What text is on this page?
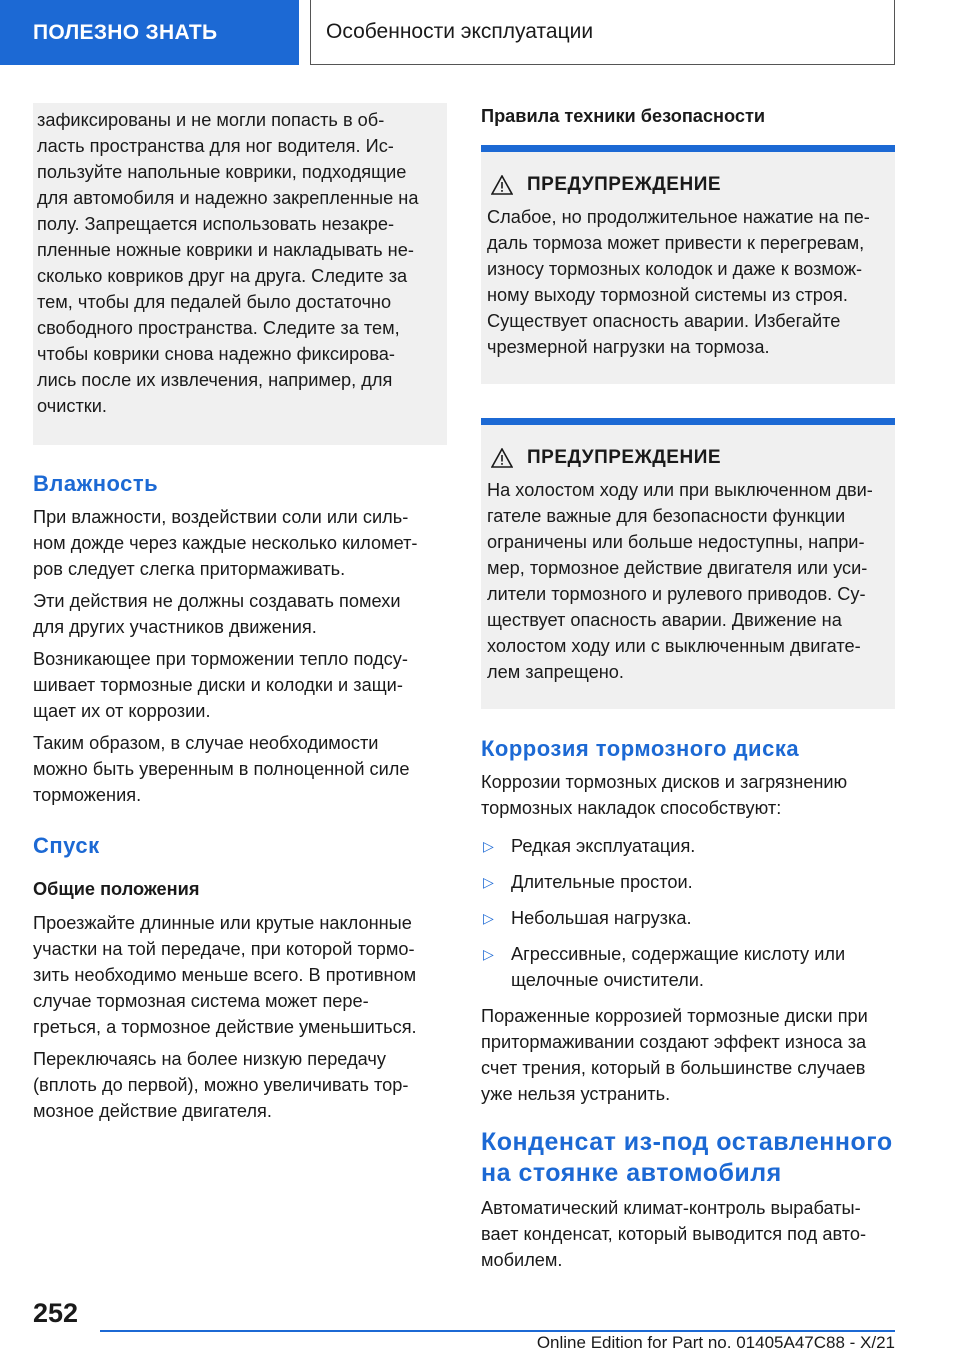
ПОЛЕЗНО ЗНАТЬ	Особенности эксплуатации

зафиксированы и не могли попасть в об-
ласть пространства для ног водителя. Ис-
пользуйте напольные коврики, подходящие
для автомобиля и надежно закрепленные на
полу. Запрещается использовать незакре-
пленные ножные коврики и накладывать не-
сколько ковриков друг на друга. Следите за
тем, чтобы для педалей было достаточно
свободного пространства. Следите за тем,
чтобы коврики снова надежно фиксирова-
лись после их извлечения, например, для
очистки.

Влажность

При влажности, воздействии соли или силь-
ном дожде через каждые несколько километ-
ров следует слегка притормаживать.

Эти действия не должны создавать помехи
для других участников движения.

Возникающее при торможении тепло подсу-
шивает тормозные диски и колодки и защи-
щает их от коррозии.

Таким образом, в случае необходимости
можно быть уверенным в полноценной силе
торможения.

Спуск
Общие положения

Проезжайте длинные или крутые наклонные
участки на той передаче, при которой тормо-
зить необходимо меньше всего. В противном
случае тормозная система может пере-
греться, а тормозное действие уменьшиться.

Переключаясь на более низкую передачу
(вплоть до первой), можно увеличивать тор-
мозное действие двигателя.

Правила техники безопасности
ПРЕДУПРЕЖДЕНИЕ

Слабое, но продолжительное нажатие на пе-
даль тормоза может привести к перегревам,
износу тормозных колодок и даже к возмож-
ному выходу тормозной системы из строя.
Существует опасность аварии. Избегайте
чрезмерной нагрузки на тормоза.

ПРЕДУПРЕЖДЕНИЕ

На холостом ходу или при выключенном дви-
гателе важные для безопасности функции
ограничены или больше недоступны, напри-
мер, тормозное действие двигателя или уси-
лители тормозного и рулевого приводов. Су-
ществует опасность аварии. Движение на
холостом ходу или с выключенным двигате-
лем запрещено.

Коррозия тормозного диска

Коррозии тормозных дисков и загрязнению
тормозных накладок способствуют:

▷ Редкая эксплуатация.
▷ Длительные простои.
▷ Небольшая нагрузка.
▷ Агрессивные, содержащие кислоту или
щелочные очистители.

Пораженные коррозией тормозные диски при
притормаживании создают эффект износа за
счет трения, который в большинстве случаев
уже нельзя устранить.

Конденсат из-под оставленного
на стоянке автомобиля

Автоматический климат-контроль вырабаты-
вает конденсат, который выводится под авто-
мобилем.

252
Online Edition for Part no. 01405A47C88 - X/21
